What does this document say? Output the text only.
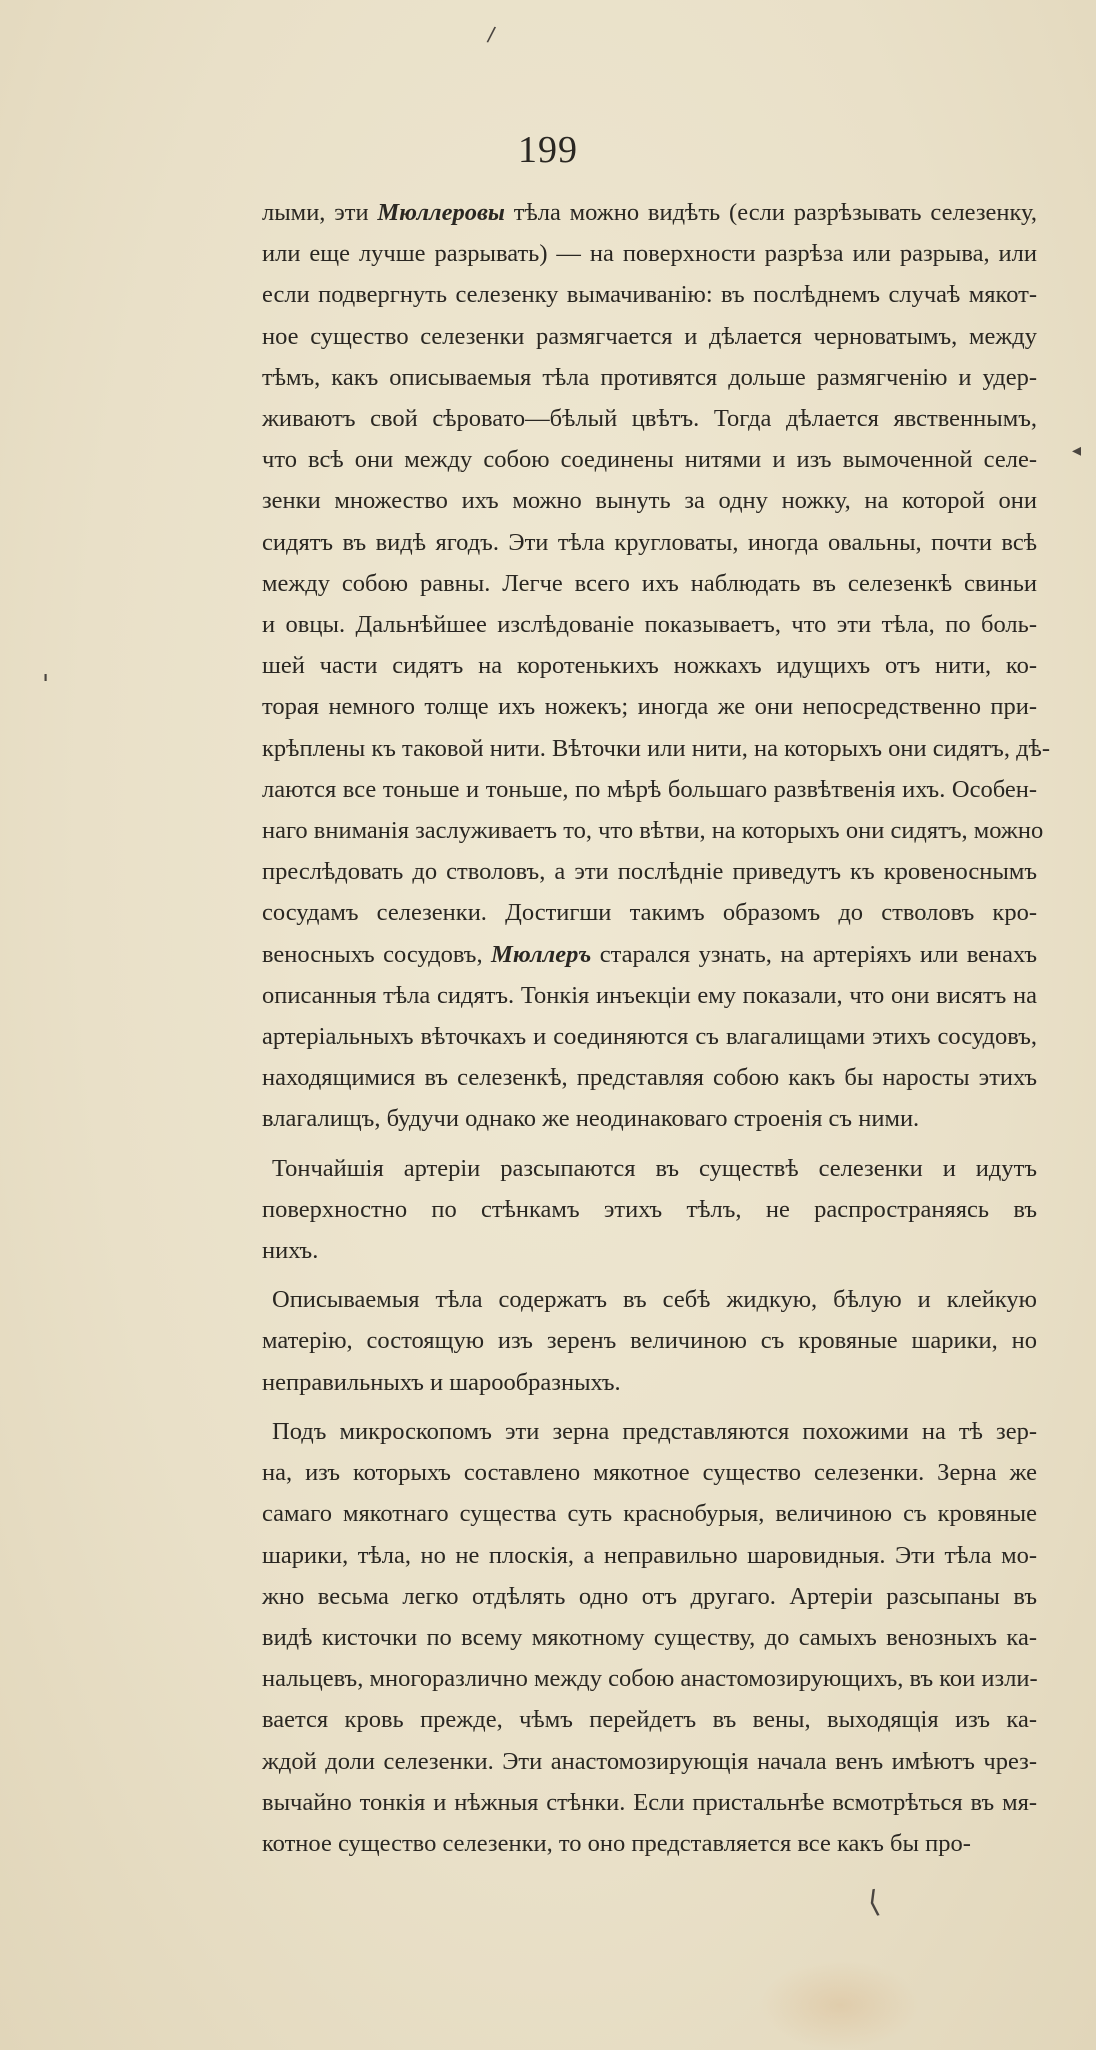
/
◂
⟨
'
199
лыми, эти Мюллеровы тѣла можно видѣть (если разрѣзывать селезенку,
или еще лучше разрывать) — на поверхности разрѣза или разрыва, или
если подвергнуть селезенку вымачиванію: въ послѣднемъ случаѣ мякот-
ное существо селезенки размягчается и дѣлается черноватымъ, между
тѣмъ, какъ описываемыя тѣла противятся дольше размягченію и удер-
живаютъ свой сѣровато—бѣлый цвѣтъ. Тогда дѣлается явственнымъ,
что всѣ они между собою соединены нитями и изъ вымоченной селе-
зенки множество ихъ можно вынуть за одну ножку, на которой они
сидятъ въ видѣ ягодъ. Эти тѣла кругловаты, иногда овальны, почти всѣ
между собою равны. Легче всего ихъ наблюдать въ селезенкѣ свиньи
и овцы. Дальнѣйшее изслѣдованіе показываетъ, что эти тѣла, по боль-
шей части сидятъ на коротенькихъ ножкахъ идущихъ отъ нити, ко-
торая немного толще ихъ ножекъ; иногда же они непосредственно при-
крѣплены къ таковой нити. Вѣточки или нити, на которыхъ они сидятъ, дѣ-
лаются все тоньше и тоньше, по мѣрѣ большаго развѣтвенія ихъ. Особен-
наго вниманія заслуживаетъ то, что вѣтви, на которыхъ они сидятъ, можно
преслѣдовать до стволовъ, а эти послѣдніе приведутъ къ кровеноснымъ
сосудамъ селезенки. Достигши такимъ образомъ до стволовъ кро-
веносныхъ сосудовъ, Мюллеръ старался узнать, на артеріяхъ или венахъ
описанныя тѣла сидятъ. Тонкія инъекціи ему показали, что они висятъ на
артеріальныхъ вѣточкахъ и соединяются съ влагалищами этихъ сосудовъ,
находящимися въ селезенкѣ, представляя собою какъ бы наросты этихъ
влагалищъ, будучи однако же неодинаковаго строенія съ ними.
Тончайшія артеріи разсыпаются въ существѣ селезенки и идутъ
поверхностно по стѣнкамъ этихъ тѣлъ, не распространяясь въ
нихъ.
Описываемыя тѣла содержатъ въ себѣ жидкую, бѣлую и клейкую
матерію, состоящую изъ зеренъ величиною съ кровяные шарики, но
неправильныхъ и шарообразныхъ.
Подъ микроскопомъ эти зерна представляются похожими на тѣ зер-
на, изъ которыхъ составлено мякотное существо селезенки. Зерна же
самаго мякотнаго существа суть краснобурыя, величиною съ кровяные
шарики, тѣла, но не плоскія, а неправильно шаровидныя. Эти тѣла мо-
жно весьма легко отдѣлять одно отъ другаго. Артеріи разсыпаны въ
видѣ кисточки по всему мякотному существу, до самыхъ венозныхъ ка-
нальцевъ, многоразлично между собою анастомозирующихъ, въ кои изли-
вается кровь прежде, чѣмъ перейдетъ въ вены, выходящія изъ ка-
ждой доли селезенки. Эти анастомозирующія начала венъ имѣютъ чрез-
вычайно тонкія и нѣжныя стѣнки. Если пристальнѣе всмотрѣться въ мя-
котное существо селезенки, то оно представляется все какъ бы про-
